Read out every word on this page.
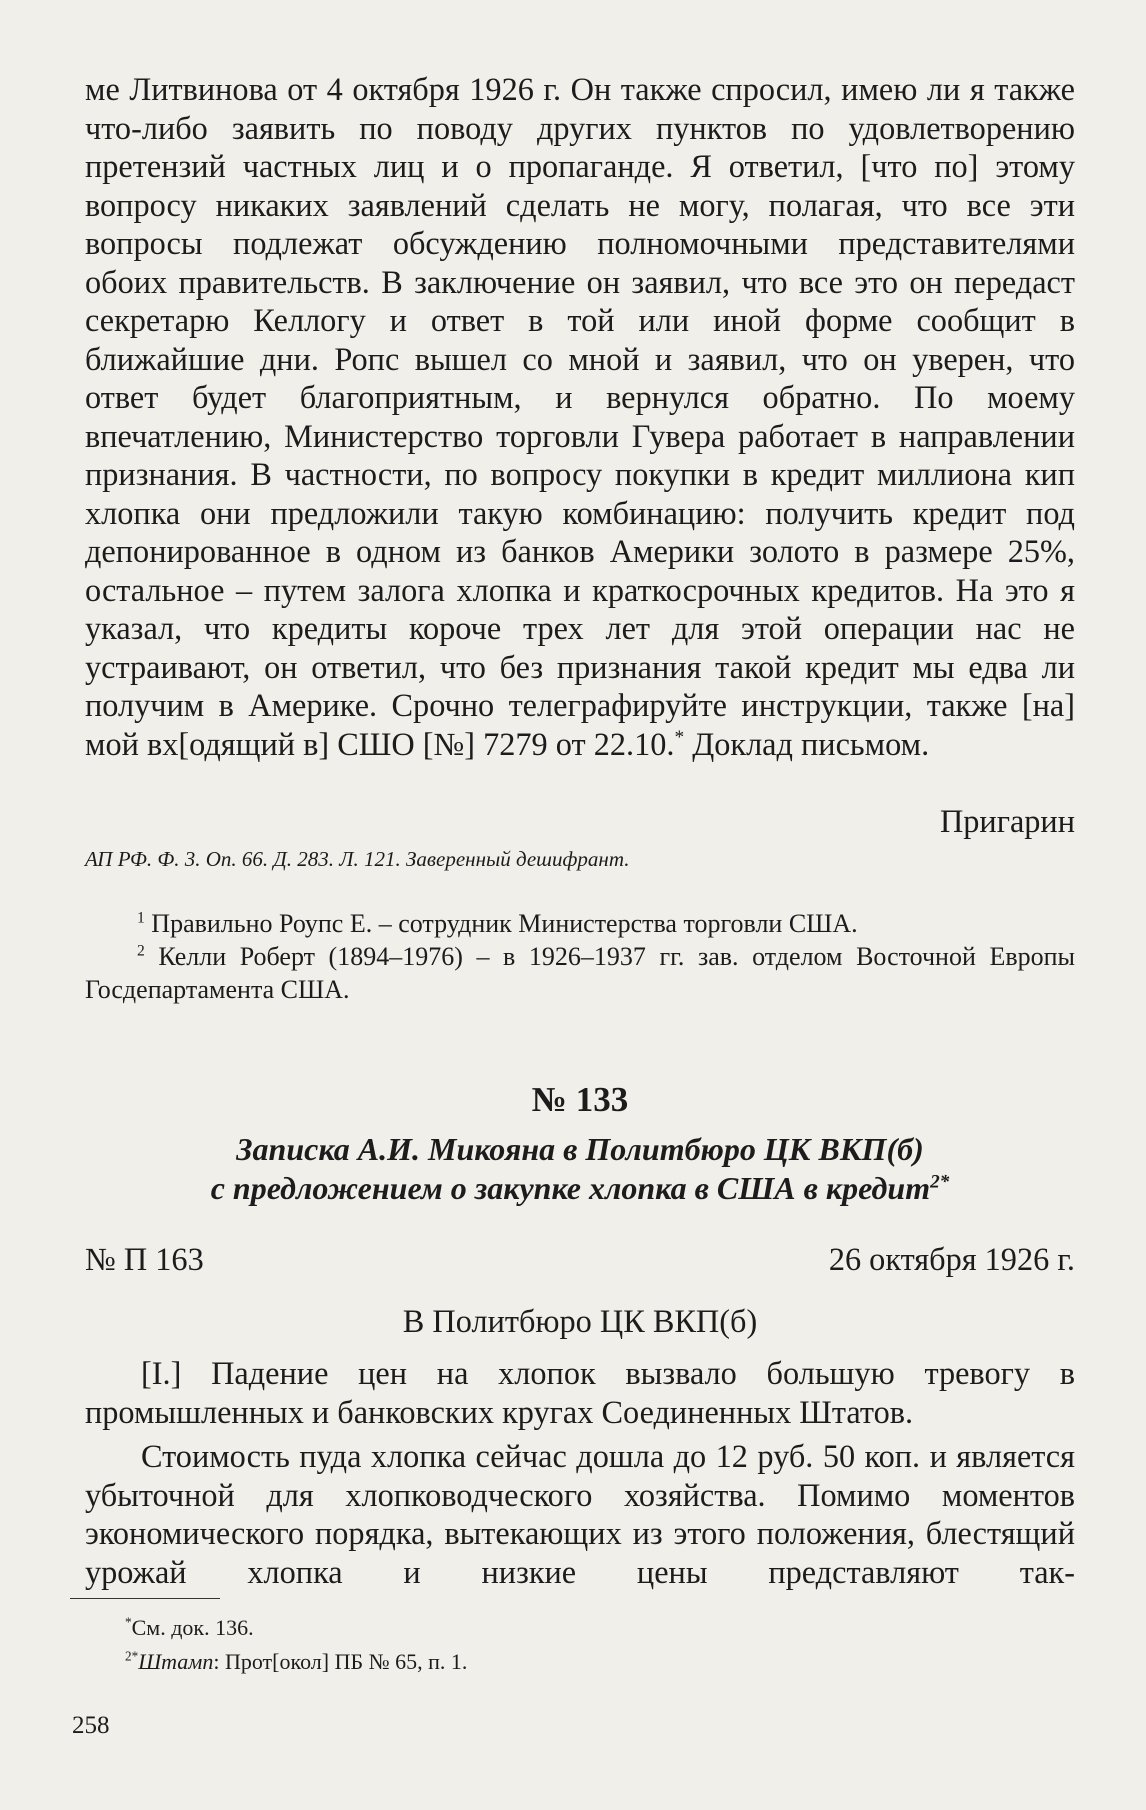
ме Литвинова от 4 октября 1926 г. Он также спросил, имею ли я также что-либо заявить по поводу других пунктов по удовлетворению претензий частных лиц и о пропаганде. Я ответил, [что по] этому вопросу никаких заявлений сделать не могу, полагая, что все эти вопросы подлежат обсуждению полномочными представителями обоих правительств. В заключение он заявил, что все это он передаст секретарю Келлогу и ответ в той или иной форме сообщит в ближайшие дни. Ропс вышел со мной и заявил, что он уверен, что ответ будет благоприятным, и вернулся обратно. По моему впечатлению, Министерство торговли Гувера работает в направлении признания. В частности, по вопросу покупки в кредит миллиона кип хлопка они предложили такую комбинацию: получить кредит под депонированное в одном из банков Америки золото в размере 25%, остальное – путем залога хлопка и краткосрочных кредитов. На это я указал, что кредиты короче трех лет для этой операции нас не устраивают, он ответил, что без признания такой кредит мы едва ли получим в Америке. Срочно телеграфируйте инструкции, также [на] мой вх[одящий в] СШО [№] 7279 от 22.10.* Доклад письмом.

Пригарин
АП РФ. Ф. 3. Оп. 66. Д. 283. Л. 121. Заверенный дешифрант.

$^1$ Правильно Роупс Е. – сотрудник Министерства торговли США.

$^2$ Келли Роберт (1894–1976) – в 1926–1937 гг. зав. отделом Восточной Европы Госдепартамента США.

№ 133
Записка А.И. Микояна в Политбюро ЦК ВКП(б)
с предложением о закупке хлопка в США в кредит$^{2*}$
№ П 163	26 октября 1926 г.
В Политбюро ЦК ВКП(б)

[I.] Падение цен на хлопок вызвало большую тревогу в промышленных и банковских кругах Соединенных Штатов.

Стоимость пуда хлопка сейчас дошла до 12 руб. 50 коп. и является убыточной для хлопководческого хозяйства. Помимо моментов экономического порядка, вытекающих из этого положения, блестящий урожай хлопка и низкие цены представляют так-

*См. док. 136.
$^{2*}$Штамп: Прот[окол] ПБ № 65, п. 1.
258
